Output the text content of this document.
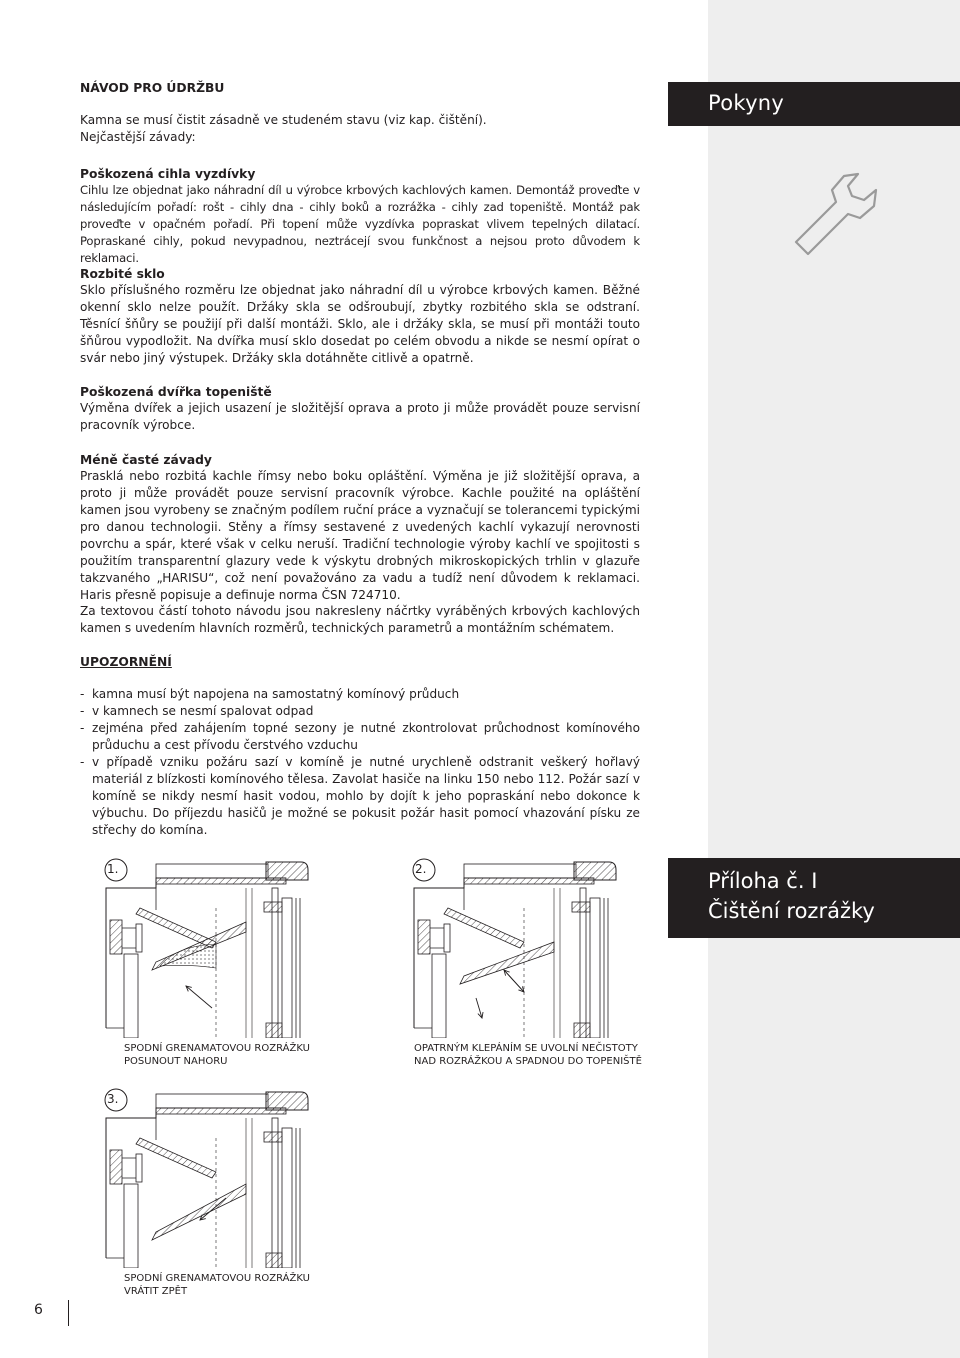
Pokyny
Příloha č. I
Čištění rozrážky
NÁVOD PRO ÚDRŽBU

Kamna se musí čistit zásadně ve studeném stavu (viz kap. čištění).

Nejčastější závady:

Poškozená cihla vyzdívky

Cihlu lze objednat jako náhradní díl u výrobce krbových kachlových kamen. Demontáž proveďte v následujícím pořadí: rošt - cihly dna - cihly boků a rozrážka - cihly zad topeniště. Montáž pak proveďte v opačném pořadí. Při topení může vyzdívka popraskat vlivem tepelných dilatací. Popraskané cihly, pokud nevypadnou, neztrácejí svou funkčnost a nejsou proto důvodem k reklamaci.

Rozbité sklo

Sklo příslušného rozměru lze objednat jako náhradní díl u výrobce krbových kamen. Běžné okenní sklo nelze použít. Držáky skla se odšroubují, zbytky rozbitého skla se odstraní. Těsnící šňůry se použijí při další montáži. Sklo, ale i držáky skla, se musí při montáži touto šňůrou vypodložit. Na dvířka musí sklo dosedat po celém obvodu a nikde se nesmí opírat o svár nebo jiný výstupek. Držáky skla dotáhněte citlivě a opatrně.

Poškozená dvířka topeniště

Výměna dvířek a jejich usazení je složitější oprava a proto ji může provádět pouze servisní pracovník výrobce.

Méně časté závady

Prasklá nebo rozbitá kachle římsy nebo boku opláštění. Výměna je již složitější oprava, a proto ji může provádět pouze servisní pracovník výrobce. Kachle použité na opláštění kamen jsou vyrobeny se značným podílem ruční práce a vyznačují se tolerancemi typickými pro danou technologii. Stěny a římsy sestavené z uvedených kachlí vykazují nerovnosti povrchu a spár, které však v celku neruší. Tradiční technologie výroby kachlí ve spojitosti s použitím transparentní glazury vede k výskytu drobných mikroskopických trhlin v glazuře takzvaného „HARISU“, což není považováno za vadu a tudíž není důvodem k reklamaci. Haris přesně popisuje a definuje norma ČSN 724710.

Za textovou částí tohoto návodu jsou nakresleny náčrtky vyráběných krbových kachlových kamen s uvedením hlavních rozměrů, technických parametrů a montážním schématem.

UPOZORNĚNÍ
- kamna musí být napojena na samostatný komínový průduch
- v kamnech se nesmí spalovat odpad
- zejména před zahájením topné sezony je nutné zkontrolovat průchodnost komínového průduchu a cest přívodu čerstvého vzduchu
- v případě vzniku požáru sazí v komíně je nutné urychleně odstranit veškerý hořlavý materiál z blízkosti komínového tělesa. Zavolat hasiče na linku 150 nebo 112. Požár sazí v komíně se nikdy nesmí hasit vodou, mohlo by dojít k jeho popraskání nebo dokonce k výbuchu. Do příjezdu hasičů je možné se pokusit požár hasit pomocí vhazování písku ze střechy do komína.
1.
SPODNÍ GRENAMATOVOU ROZRÁŽKU
POSUNOUT NAHORU
2.
OPATRNÝM KLEPÁNÍM SE UVOLNÍ NEČISTOTY
NAD ROZRÁŽKOU A SPADNOU DO TOPENIŠTĚ
3.
SPODNÍ GRENAMATOVOU ROZRÁŽKU
VRÁTIT ZPĚT
6
